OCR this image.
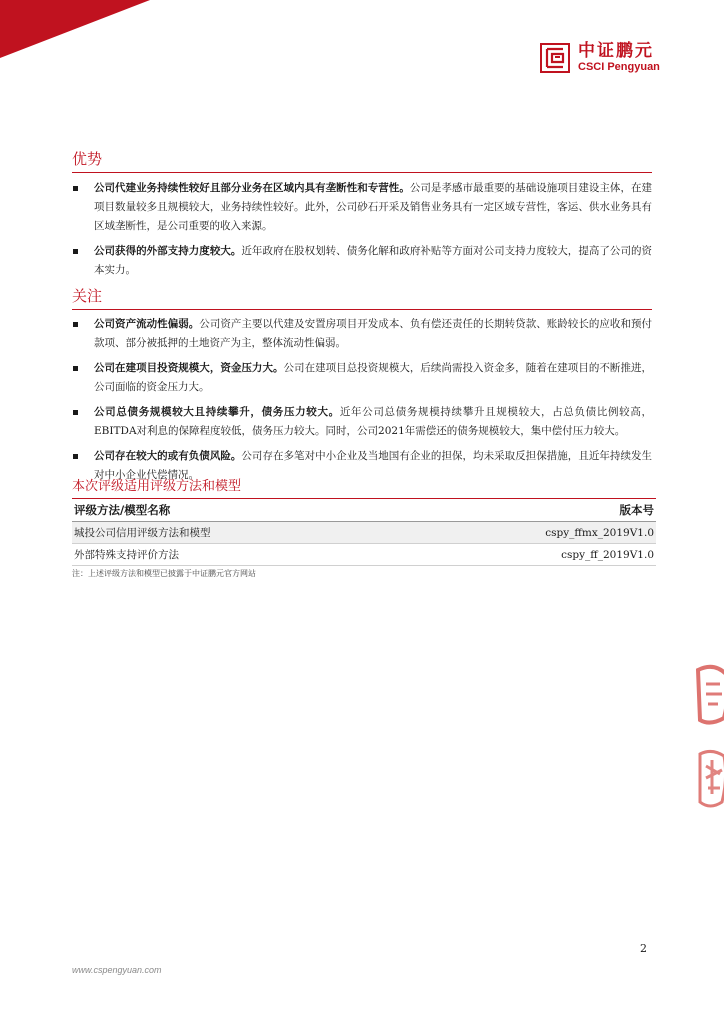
中证鹏元
CSCI Pengyuan
优势
公司代建业务持续性较好且部分业务在区域内具有垄断性和专营性。公司是孝感市最重要的基础设施项目建设主体，在建项目数量较多且规模较大，业务持续性较好。此外，公司砂石开采及销售业务具有一定区域专营性，客运、供水业务具有区域垄断性，是公司重要的收入来源。
公司获得的外部支持力度较大。近年政府在股权划转、债务化解和政府补贴等方面对公司支持力度较大，提高了公司的资本实力。
关注
公司资产流动性偏弱。公司资产主要以代建及安置房项目开发成本、负有偿还责任的长期转贷款、账龄较长的应收和预付款项、部分被抵押的土地资产为主，整体流动性偏弱。
公司在建项目投资规模大，资金压力大。公司在建项目总投资规模大，后续尚需投入资金多，随着在建项目的不断推进，公司面临的资金压力大。
公司总债务规模较大且持续攀升，债务压力较大。近年公司总债务规模持续攀升且规模较大，占总负债比例较高，EBITDA对利息的保障程度较低，债务压力较大。同时，公司2021年需偿还的债务规模较大，集中偿付压力较大。
公司存在较大的或有负债风险。公司存在多笔对中小企业及当地国有企业的担保，均未采取反担保措施，且近年持续发生对中小企业代偿情况。
本次评级适用评级方法和模型
评级方法/模型名称	版本号
城投公司信用评级方法和模型	cspy_ffmx_2019V1.0
外部特殊支持评价方法	cspy_ff_2019V1.0
注：上述评级方法和模型已披露于中证鹏元官方网站
2
www.cspengyuan.com
